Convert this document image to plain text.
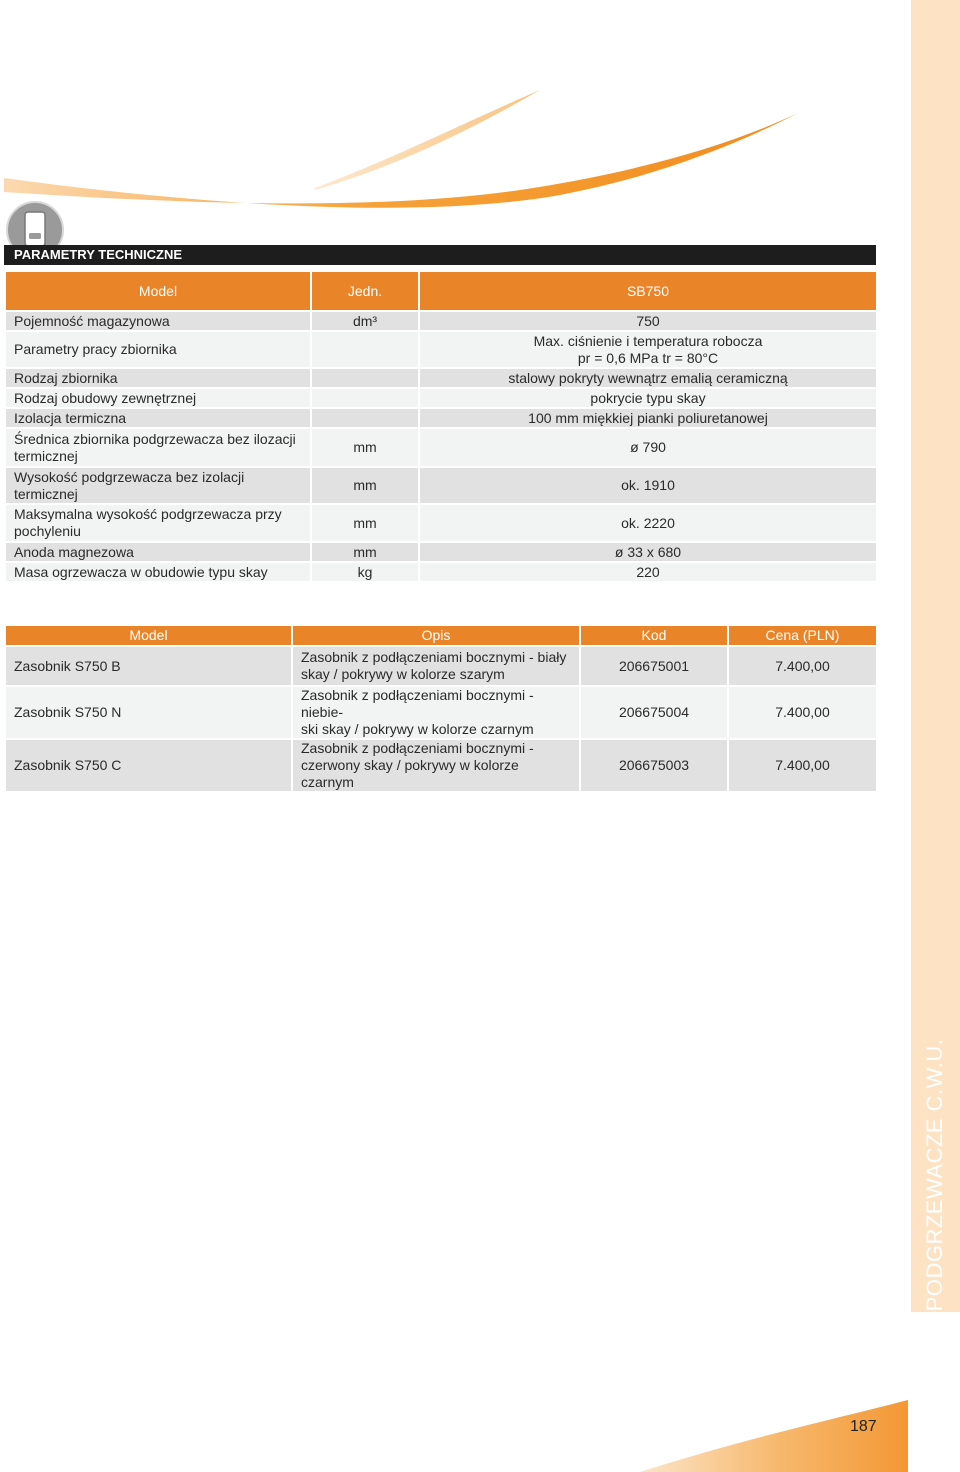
PODGRZEWACZE C.W.U.
PARAMETRY TECHNICZNE
Model	Jedn.	SB750
Pojemność magazynowa	dm³	750
Parametry pracy zbiornika		Max. ciśnienie i temperatura robocza
pr = 0,6 MPa tr = 80°C

Rodzaj zbiornika		stalowy pokryty wewnątrz emalią ceramiczną
Rodzaj obudowy zewnętrznej		pokrycie typu skay
Izolacja termiczna		100 mm miękkiej pianki poliuretanowej
Średnica zbiornika podgrzewacza bez ilozacji termicznej	mm	ø 790
Wysokość podgrzewacza bez izolacji termicznej	mm	ok. 1910
Maksymalna wysokość podgrzewacza przy pochyleniu	mm	ok. 2220
Anoda magnezowa	mm	ø 33 x 680
Masa ogrzewacza w obudowie typu skay	kg	220
Model	Opis	Kod	Cena (PLN)
Zasobnik S750 B	Zasobnik z podłączeniami bocznymi - biały
skay / pokrywy w kolorze szarym	206675001	7.400,00
Zasobnik S750 N	Zasobnik z podłączeniami bocznymi - niebie-
ski skay / pokrywy w kolorze czarnym	206675004	7.400,00
Zasobnik S750 C	Zasobnik z podłączeniami bocznymi -
czerwony skay / pokrywy w kolorze czarnym	206675003	7.400,00
187
